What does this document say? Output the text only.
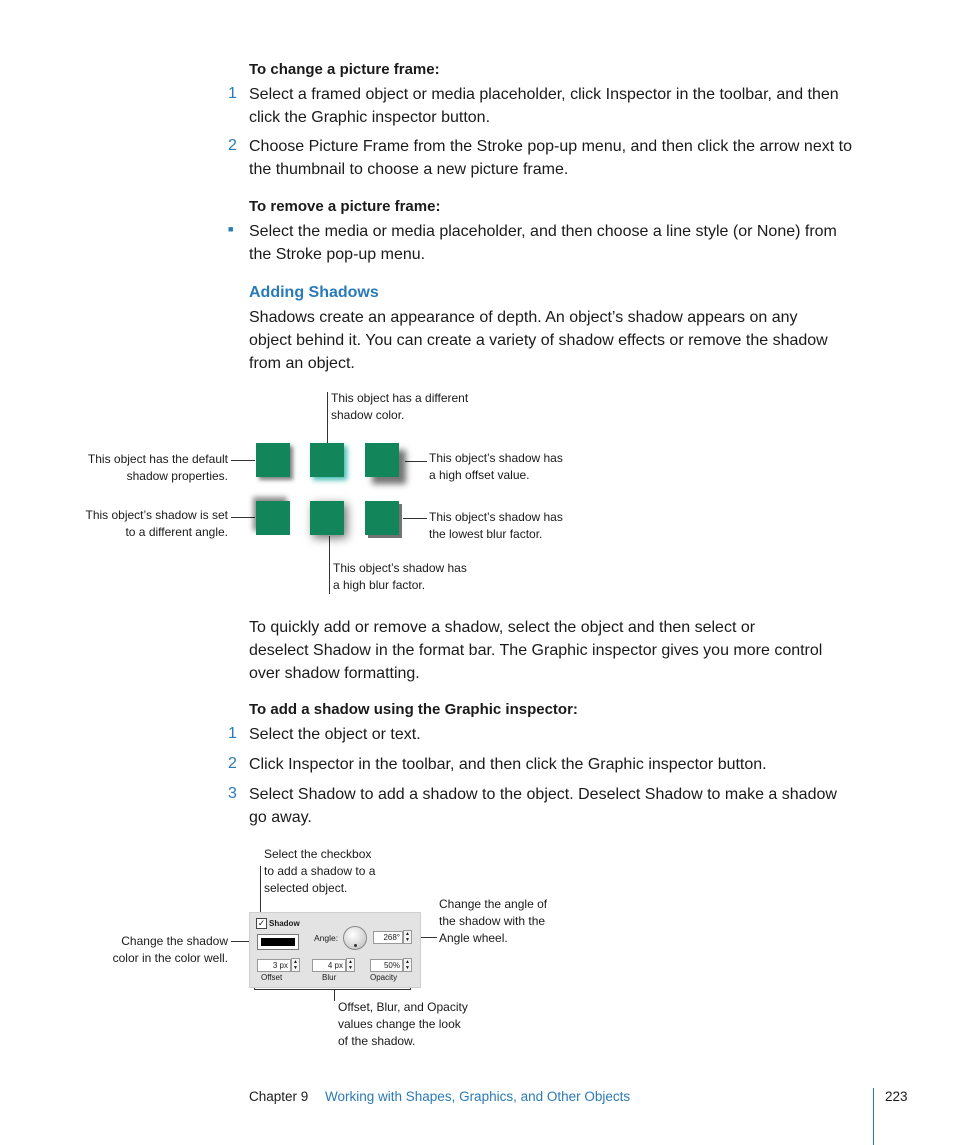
To change a picture frame:
1 Select a framed object or media placeholder, click Inspector in the toolbar, and then
click the Graphic inspector button.
2 Choose Picture Frame from the Stroke pop-up menu, and then click the arrow next to
the thumbnail to choose a new picture frame.
To remove a picture frame:
■ Select the media or media placeholder, and then choose a line style (or None) from
the Stroke pop-up menu.
Adding Shadows
Shadows create an appearance of depth. An object’s shadow appears on any
object behind it. You can create a variety of shadow effects or remove the shadow
from an object.
This object has a different
shadow color.
This object has the default
shadow properties.
This object’s shadow is set
to a different angle.
This object’s shadow has
a high offset value.
This object’s shadow has
the lowest blur factor.
This object’s shadow has
a high blur factor.
To quickly add or remove a shadow, select the object and then select or
deselect Shadow in the format bar. The Graphic inspector gives you more control
over shadow formatting.
To add a shadow using the Graphic inspector:
1 Select the object or text.
2 Click Inspector in the toolbar, and then click the Graphic inspector button.
3 Select Shadow to add a shadow to the object. Deselect Shadow to make a shadow
go away.
Select the checkbox
to add a shadow to a
selected object.
Change the shadow
color in the color well.
Change the angle of
the shadow with the
Angle wheel.
Offset, Blur, and Opacity
values change the look
of the shadow.
✓ Shadow
Angle:	268°	▲
▼
3 px	▲
▼	4 px	▲
▼	50%	▲
▼
Offset	Blur	Opacity
Chapter 9 Working with Shapes, Graphics, and Other Objects	223
